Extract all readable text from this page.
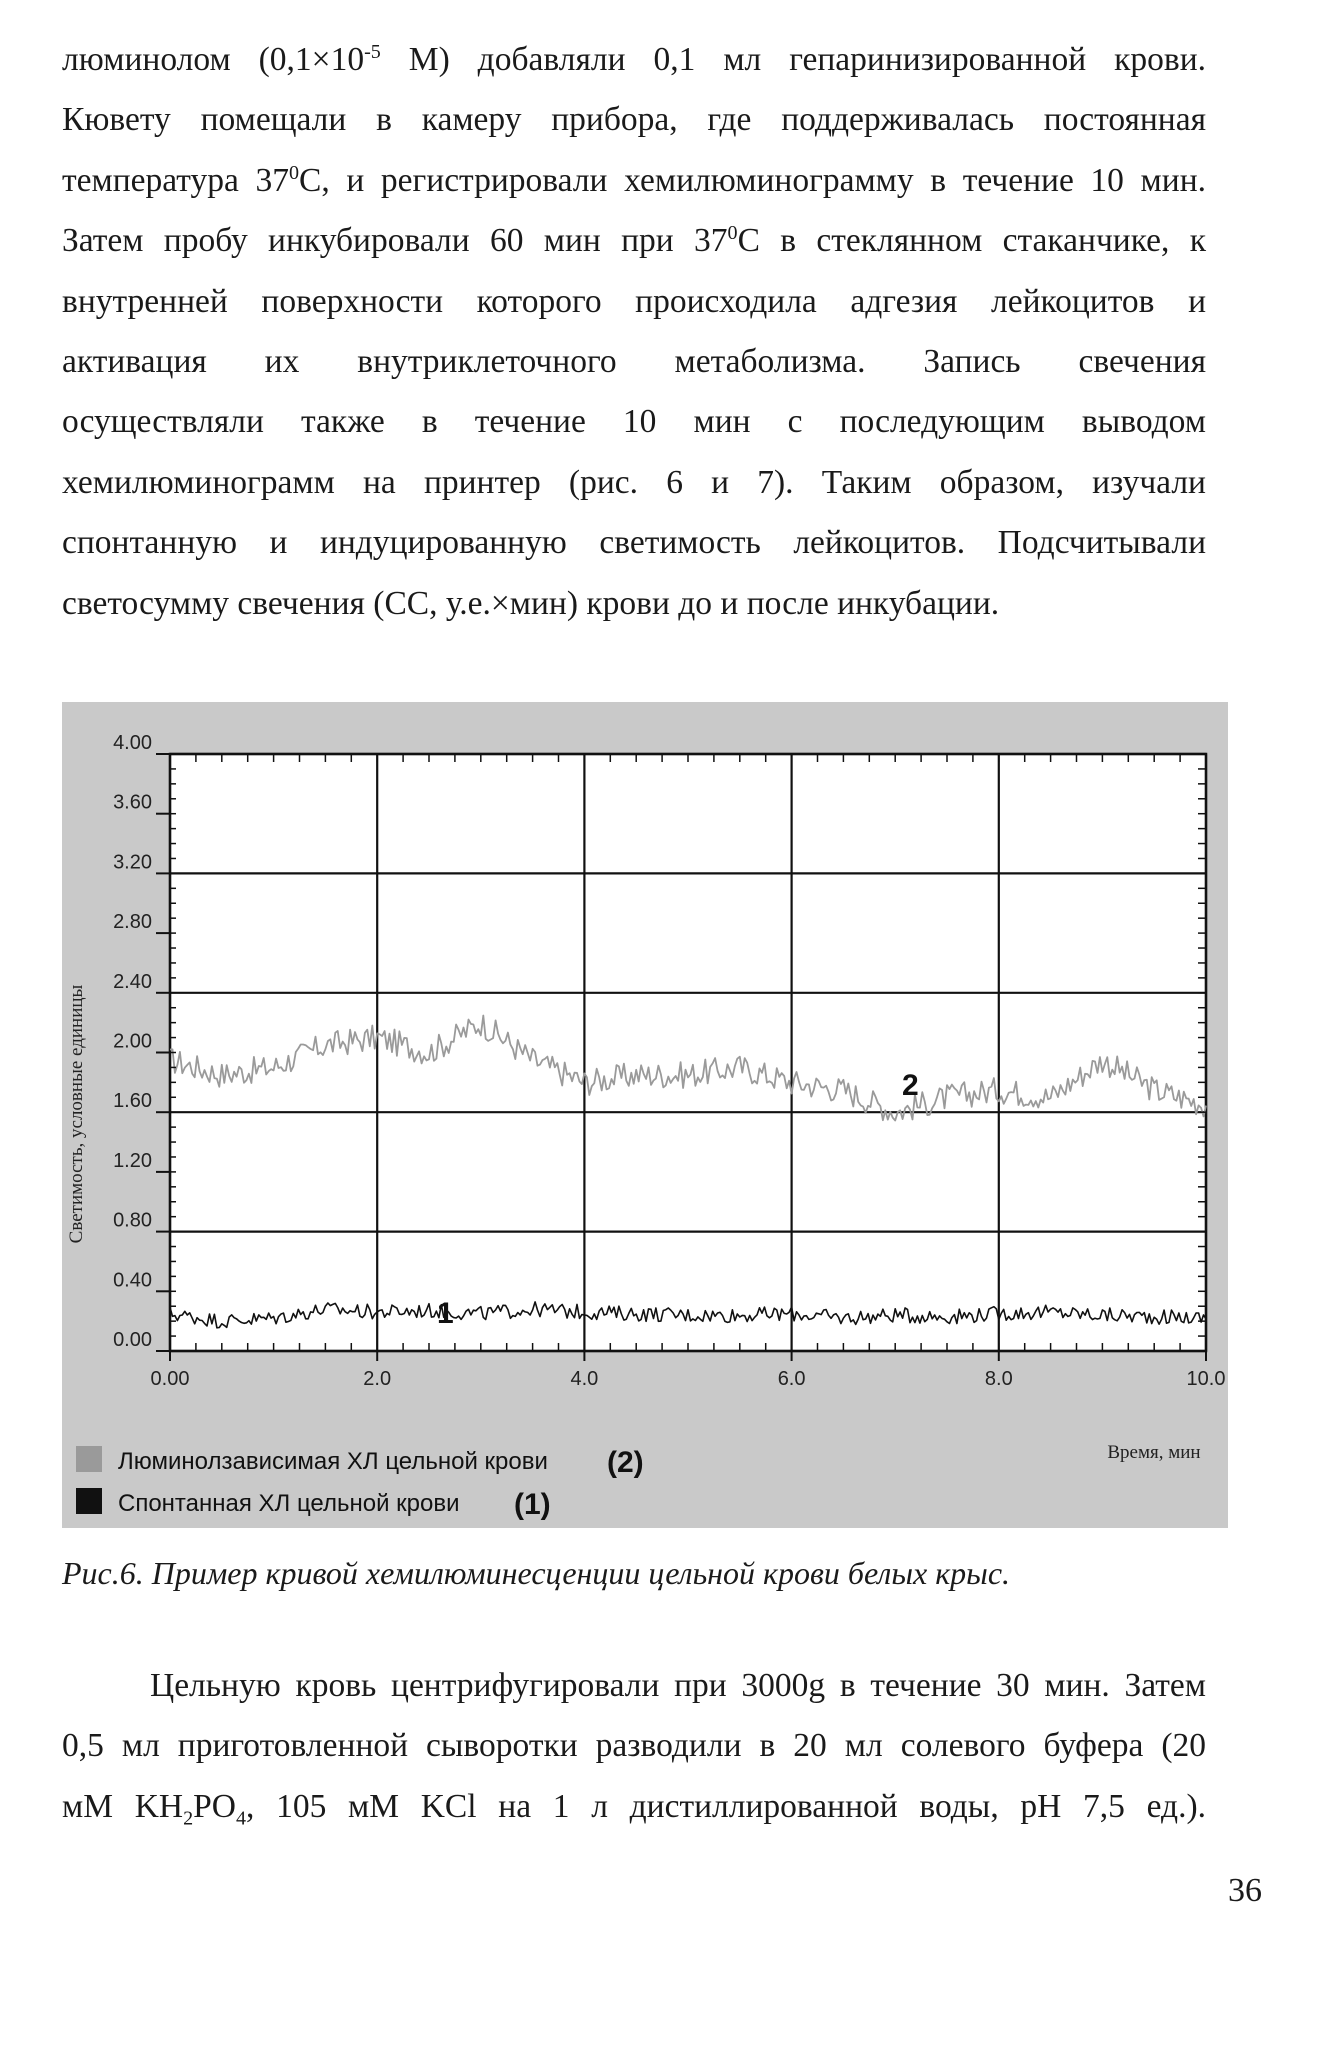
люминолом ($0,1\times 10^{-5}$ М) добавляли 0,1 мл гепаринизированной крови.
Кювету помещали в камеру прибора, где поддерживалась постоянная
температура $37^0С$, и регистрировали хемилюминограмму в течение 10 мин.
Затем пробу инкубировали 60 мин при $37^0С$ в стеклянном стаканчике, к
внутренней поверхности которого происходила адгезия лейкоцитов и
активация их внутриклеточного метаболизма. Запись свечения
осуществляли также в течение 10 мин с последующим выводом
хемилюминограмм на принтер (рис. 6 и 7). Таким образом, изучали
спонтанную и индуцированную светимость лейкоцитов. Подсчитывали
светосумму свечения (СС, у.е.×мин) крови до и после инкубации.
4.00
3.60
3.20
2.80
2.40
2.00
1.60
1.20
0.80
0.40
0.00
0.00	2.0	4.0	6.0	8.0	10.0
Светимость, условные единицы
Время, мин
2
1
Люминолзависимая ХЛ цельной крови (2)
Спонтанная ХЛ цельной крови (1)
Рис.6. Пример кривой хемилюминесценции цельной крови белых крыс.
Цельную кровь центрифугировали при 3000g в течение 30 мин. Затем
0,5 мл приготовленной сыворотки разводили в 20 мл солевого буфера (20
мМ $KH_2PO_4$, 105 мМ KCl на 1 л дистиллированной воды, рН 7,5 ед.).
36
